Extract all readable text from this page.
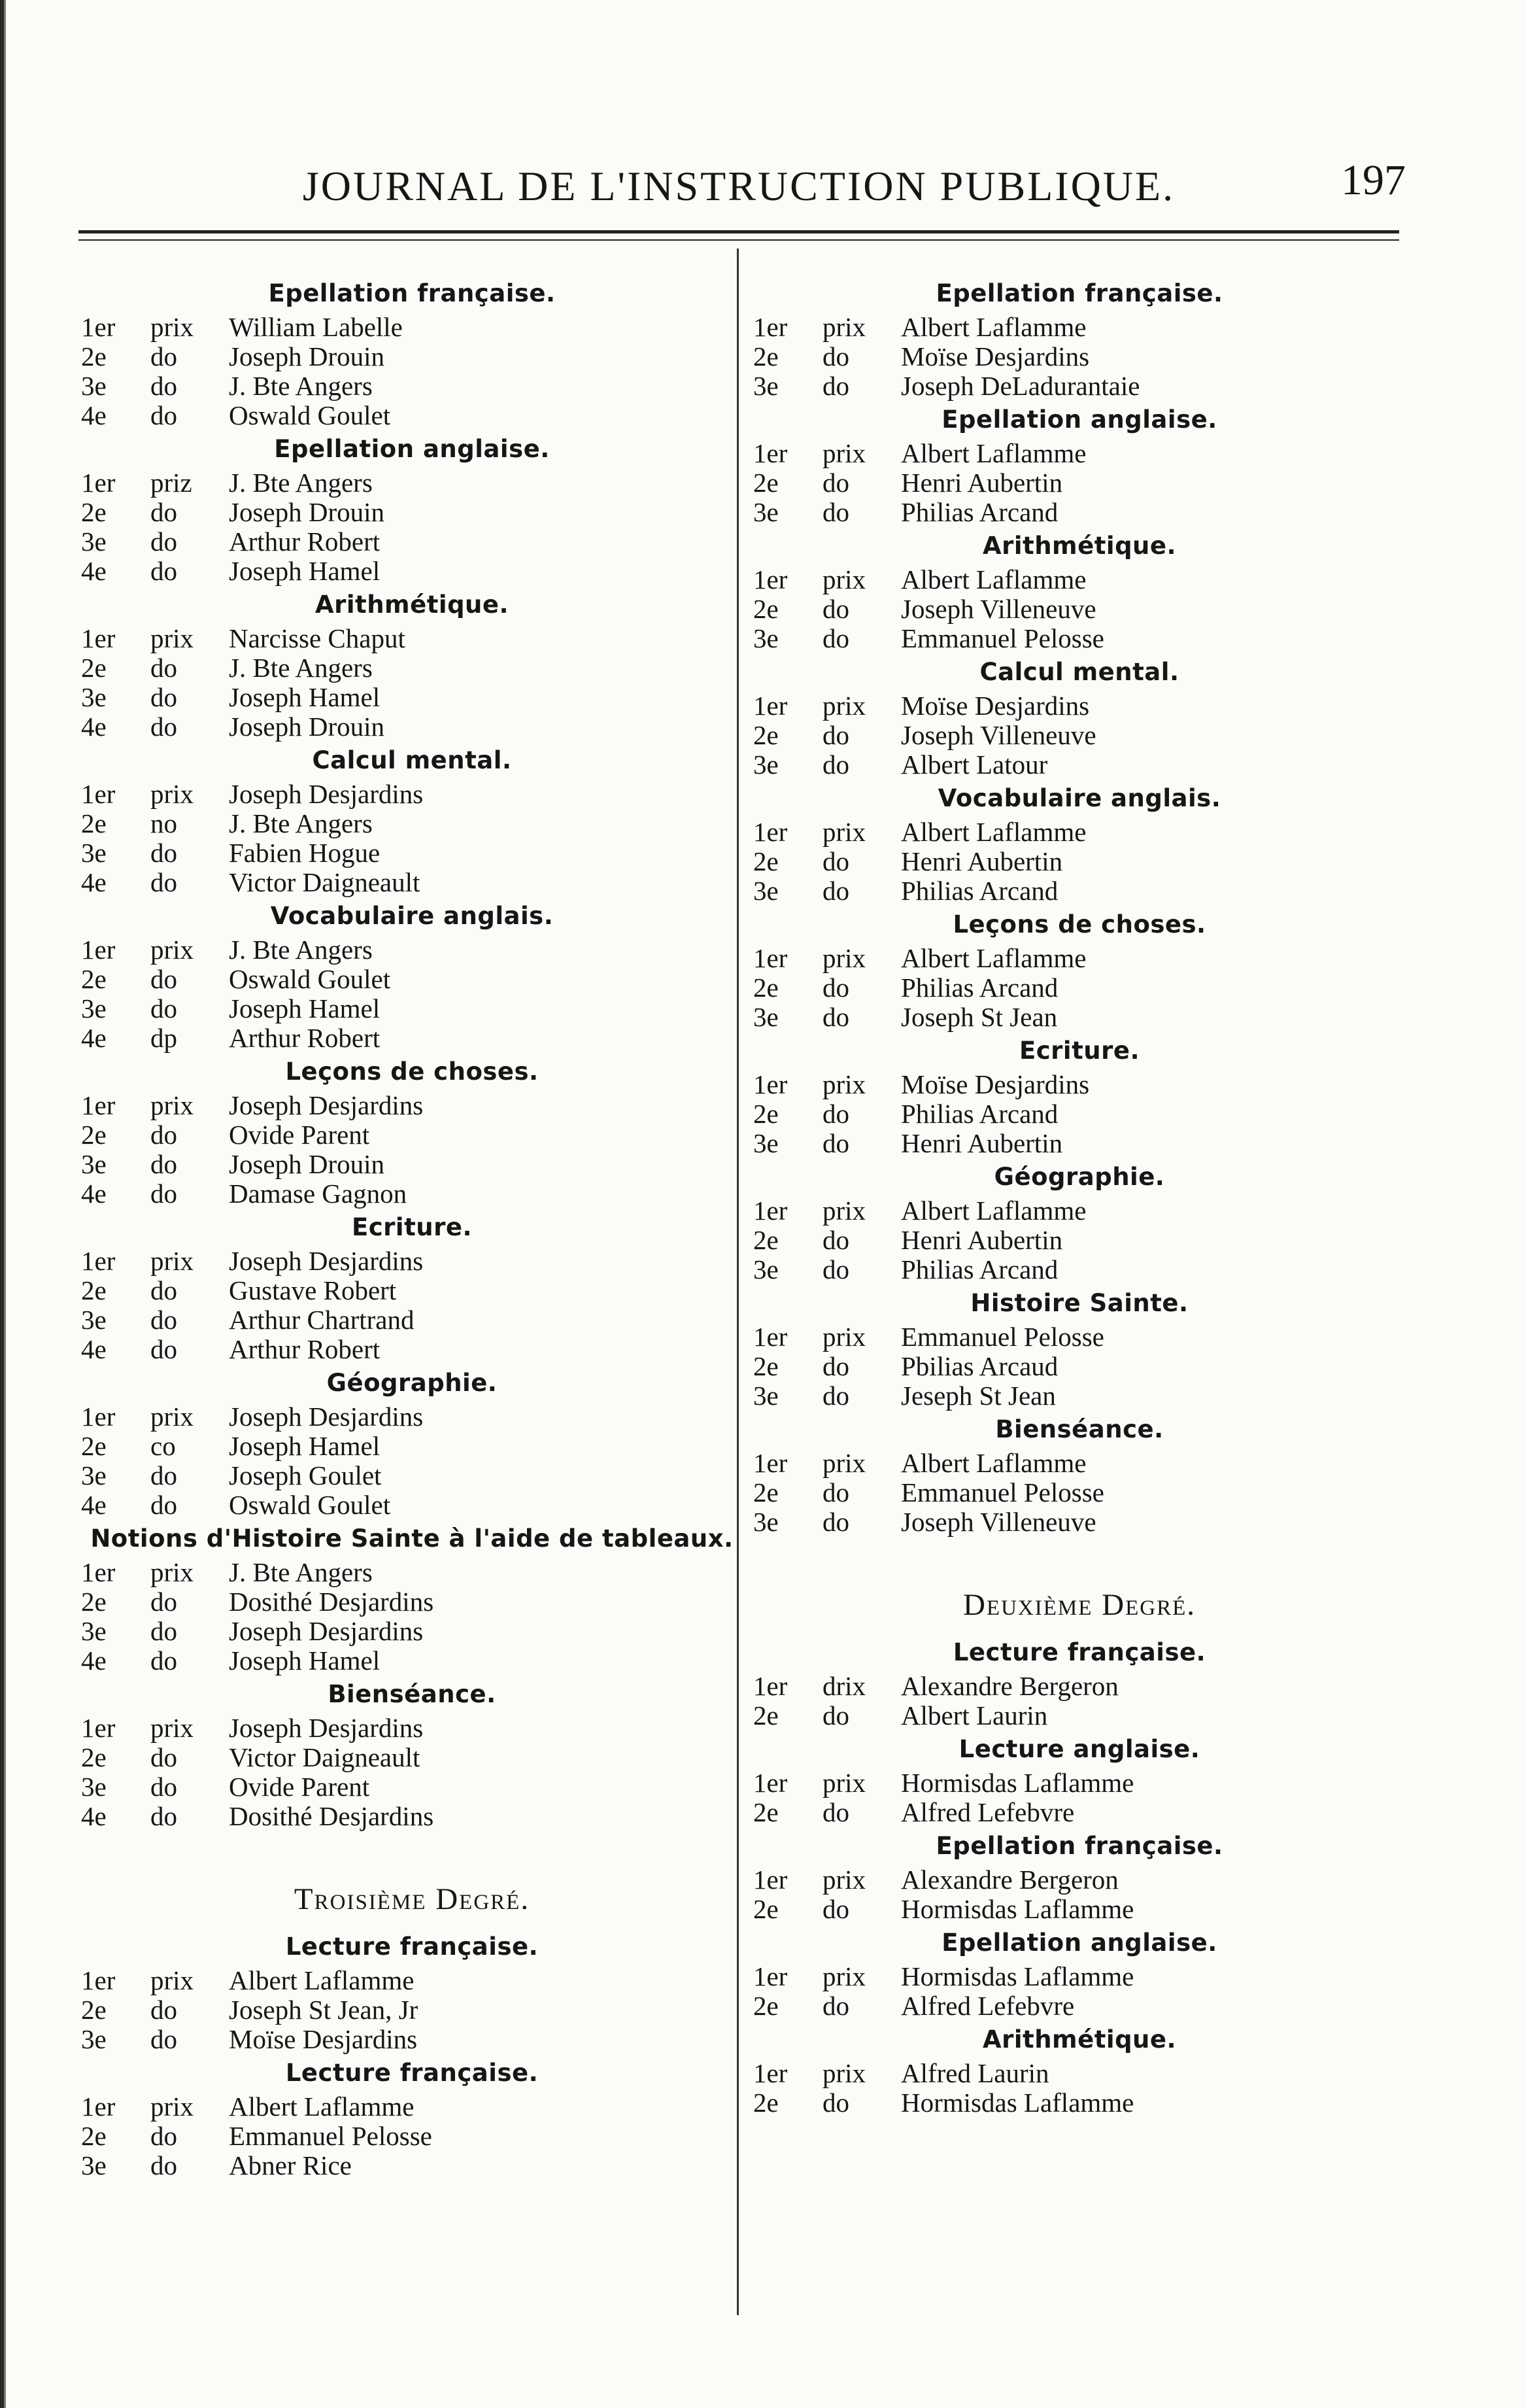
JOURNAL DE L'INSTRUCTION PUBLIQUE.	197
Epellation française.
1er	prix	William Labelle
2e	do	Joseph Drouin
3e	do	J. Bte Angers
4e	do	Oswald Goulet
Epellation anglaise.
1er	priz	J. Bte Angers
2e	do	Joseph Drouin
3e	do	Arthur Robert
4e	do	Joseph Hamel
Arithmétique.
1er	prix	Narcisse Chaput
2e	do	J. Bte Angers
3e	do	Joseph Hamel
4e	do	Joseph Drouin
Calcul mental.
1er	prix	Joseph Desjardins
2e	no	J. Bte Angers
3e	do	Fabien Hogue
4e	do	Victor Daigneault
Vocabulaire anglais.
1er	prix	J. Bte Angers
2e	do	Oswald Goulet
3e	do	Joseph Hamel
4e	dp	Arthur Robert
Leçons de choses.
1er	prix	Joseph Desjardins
2e	do	Ovide Parent
3e	do	Joseph Drouin
4e	do	Damase Gagnon
Ecriture.
1er	prix	Joseph Desjardins
2e	do	Gustave Robert
3e	do	Arthur Chartrand
4e	do	Arthur Robert
Géographie.
1er	prix	Joseph Desjardins
2e	co	Joseph Hamel
3e	do	Joseph Goulet
4e	do	Oswald Goulet
Notions d'Histoire Sainte à l'aide de tableaux.
1er	prix	J. Bte Angers
2e	do	Dosithé Desjardins
3e	do	Joseph Desjardins
4e	do	Joseph Hamel
Bienséance.
1er	prix	Joseph Desjardins
2e	do	Victor Daigneault
3e	do	Ovide Parent
4e	do	Dosithé Desjardins
Troisième Degré.
Lecture française.
1er	prix	Albert Laflamme
2e	do	Joseph St Jean, Jr
3e	do	Moïse Desjardins
Lecture française.
1er	prix	Albert Laflamme
2e	do	Emmanuel Pelosse
3e	do	Abner Rice
Epellation française.
1er	prix	Albert Laflamme
2e	do	Moïse Desjardins
3e	do	Joseph DeLadurantaie
Epellation anglaise.
1er	prix	Albert Laflamme
2e	do	Henri Aubertin
3e	do	Philias Arcand
Arithmétique.
1er	prix	Albert Laflamme
2e	do	Joseph Villeneuve
3e	do	Emmanuel Pelosse
Calcul mental.
1er	prix	Moïse Desjardins
2e	do	Joseph Villeneuve
3e	do	Albert Latour
Vocabulaire anglais.
1er	prix	Albert Laflamme
2e	do	Henri Aubertin
3e	do	Philias Arcand
Leçons de choses.
1er	prix	Albert Laflamme
2e	do	Philias Arcand
3e	do	Joseph St Jean
Ecriture.
1er	prix	Moïse Desjardins
2e	do	Philias Arcand
3e	do	Henri Aubertin
Géographie.
1er	prix	Albert Laflamme
2e	do	Henri Aubertin
3e	do	Philias Arcand
Histoire Sainte.
1er	prix	Emmanuel Pelosse
2e	do	Pbilias Arcaud
3e	do	Jeseph St Jean
Bienséance.
1er	prix	Albert Laflamme
2e	do	Emmanuel Pelosse
3e	do	Joseph Villeneuve
Deuxième Degré.
Lecture française.
1er	drix	Alexandre Bergeron
2e	do	Albert Laurin
Lecture anglaise.
1er	prix	Hormisdas Laflamme
2e	do	Alfred Lefebvre
Epellation française.
1er	prix	Alexandre Bergeron
2e	do	Hormisdas Laflamme
Epellation anglaise.
1er	prix	Hormisdas Laflamme
2e	do	Alfred Lefebvre
Arithmétique.
1er	prix	Alfred Laurin
2e	do	Hormisdas Laflamme
